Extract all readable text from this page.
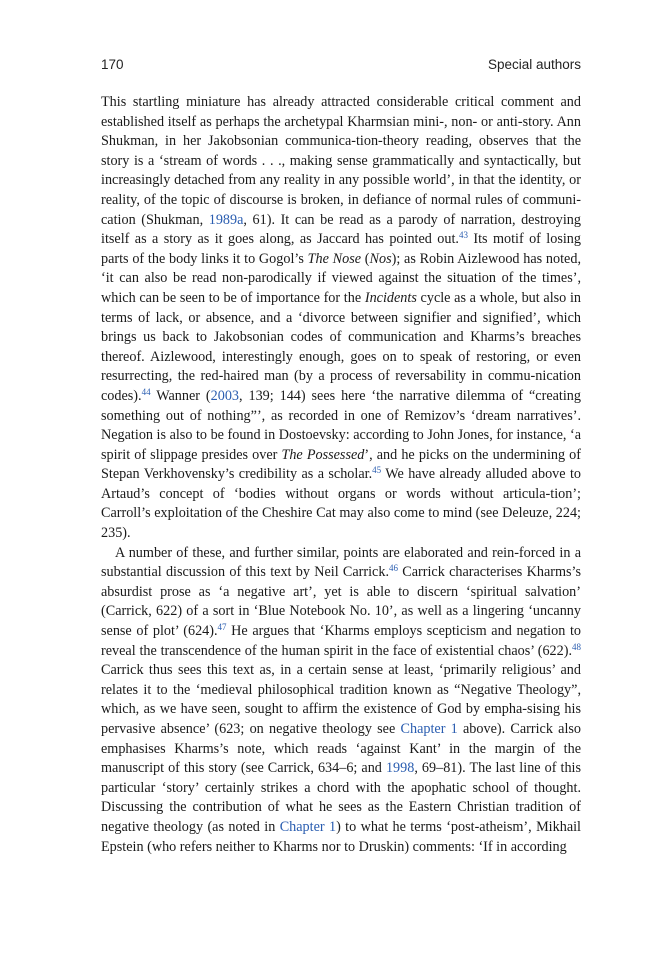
170	Special authors

This startling miniature has already attracted considerable critical comment and established itself as perhaps the archetypal Kharmsian mini-, non- or anti-story. Ann Shukman, in her Jakobsonian communica-tion-theory reading, observes that the story is a ‘stream of words . . ., making sense grammatically and syntactically, but increasingly detached from any reality in any possible world’, in that the identity, or reality, of the topic of discourse is broken, in defiance of normal rules of communi-cation (Shukman, 1989a, 61). It can be read as a parody of narration, destroying itself as a story as it goes along, as Jaccard has pointed out.$^{43}$ Its motif of losing parts of the body links it to Gogol’s The Nose (Nos); as Robin Aizlewood has noted, ‘it can also be read non-parodically if viewed against the situation of the times’, which can be seen to be of importance for the Incidents cycle as a whole, but also in terms of lack, or absence, and a ‘divorce between signifier and signified’, which brings us back to Jakobsonian codes of communication and Kharms’s breaches thereof. Aizlewood, interestingly enough, goes on to speak of restoring, or even resurrecting, the red-haired man (by a process of reversability in commu-nication codes).$^{44}$ Wanner (2003, 139; 144) sees here ‘the narrative dilemma of “creating something out of nothing”’, as recorded in one of Remizov’s ‘dream narratives’. Negation is also to be found in Dostoevsky: according to John Jones, for instance, ‘a spirit of slippage presides over The Possessed’, and he picks on the undermining of Stepan Verkhovensky’s credibility as a scholar.$^{45}$ We have already alluded above to Artaud’s concept of ‘bodies without organs or words without articula-tion’; Carroll’s exploitation of the Cheshire Cat may also come to mind (see Deleuze, 224; 235).

A number of these, and further similar, points are elaborated and rein-forced in a substantial discussion of this text by Neil Carrick.$^{46}$ Carrick characterises Kharms’s absurdist prose as ‘a negative art’, yet is able to discern ‘spiritual salvation’ (Carrick, 622) of a sort in ‘Blue Notebook No. 10’, as well as a lingering ‘uncanny sense of plot’ (624).$^{47}$ He argues that ‘Kharms employs scepticism and negation to reveal the transcendence of the human spirit in the face of existential chaos’ (622).$^{48}$ Carrick thus sees this text as, in a certain sense at least, ‘primarily religious’ and relates it to the ‘medieval philosophical tradition known as “Negative Theology”, which, as we have seen, sought to affirm the existence of God by empha-sising his pervasive absence’ (623; on negative theology see Chapter 1 above). Carrick also emphasises Kharms’s note, which reads ‘against Kant’ in the margin of the manuscript of this story (see Carrick, 634–6; and 1998, 69–81). The last line of this particular ‘story’ certainly strikes a chord with the apophatic school of thought. Discussing the contribution of what he sees as the Eastern Christian tradition of negative theology (as noted in Chapter 1) to what he terms ‘post-atheism’, Mikhail Epstein (who refers neither to Kharms nor to Druskin) comments: ‘If in according
